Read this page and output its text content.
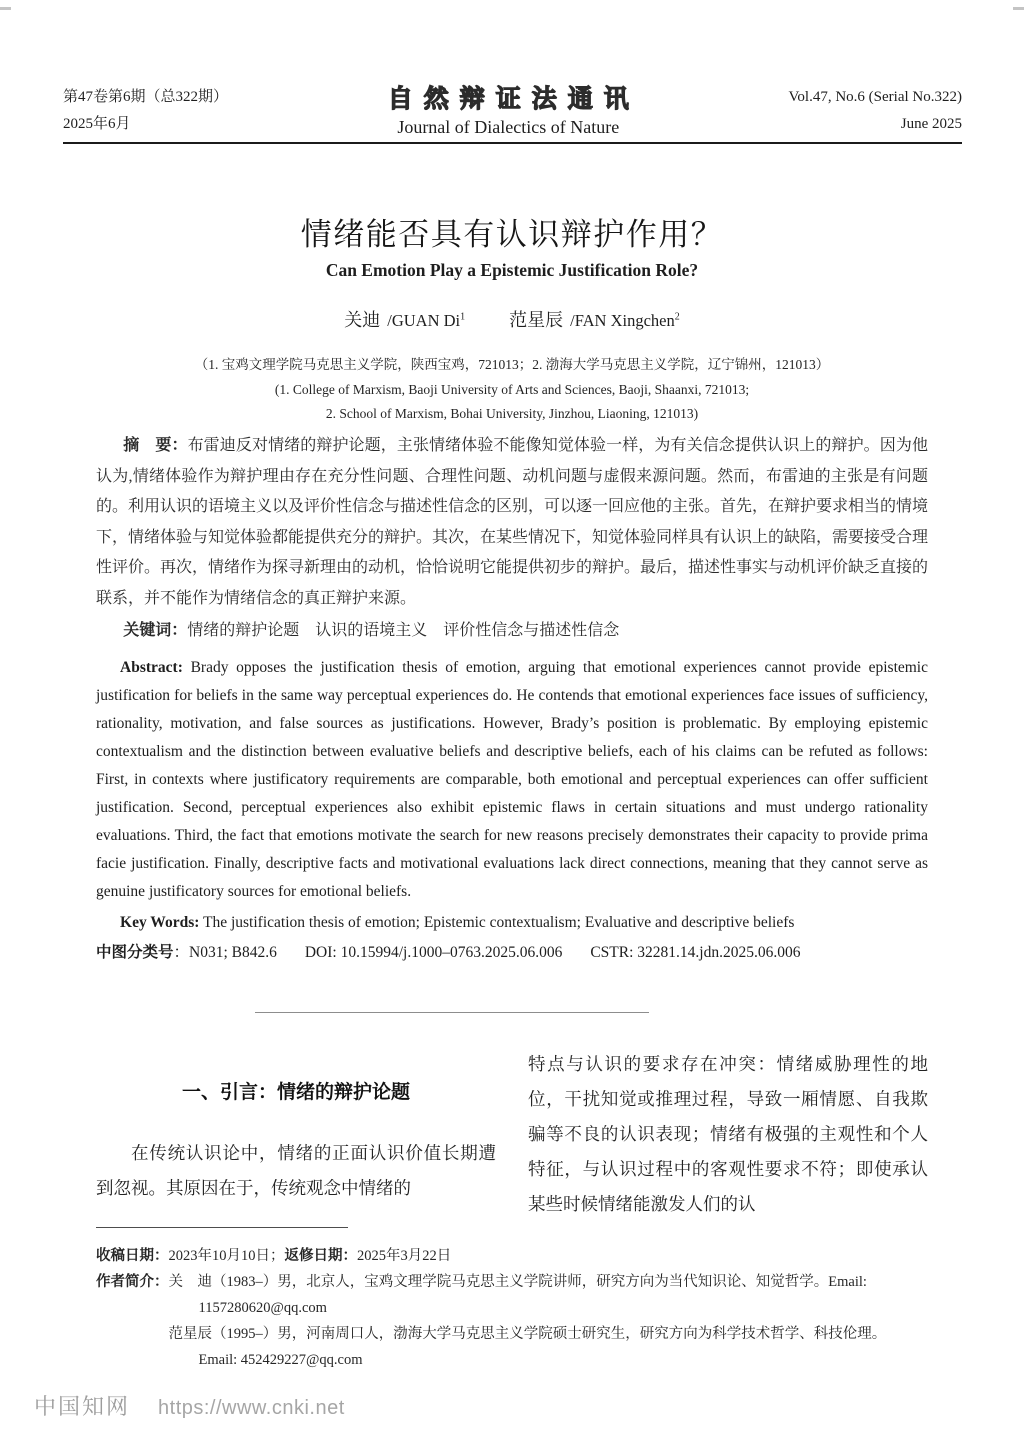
第47卷第6期（总322期）
2025年6月
自然辩证法通讯
Journal of Dialectics of Nature
Vol.47, No.6 (Serial No.322)
June 2025
情绪能否具有认识辩护作用？
Can Emotion Play a Epistemic Justification Role?
关迪 /GUAN Di$^1$ 范星辰 /FAN Xingchen$^2$
（1. 宝鸡文理学院马克思主义学院，陕西宝鸡，721013；2. 渤海大学马克思主义学院，辽宁锦州，121013）
(1. College of Marxism, Baoji University of Arts and Sciences, Baoji, Shaanxi, 721013;
2. School of Marxism, Bohai University, Jinzhou, Liaoning, 121013)

摘　要：布雷迪反对情绪的辩护论题，主张情绪体验不能像知觉体验一样，为有关信念提供认识上的辩护。因为他认为,情绪体验作为辩护理由存在充分性问题、合理性问题、动机问题与虚假来源问题。然而，布雷迪的主张是有问题的。利用认识的语境主义以及评价性信念与描述性信念的区别，可以逐一回应他的主张。首先，在辩护要求相当的情境下，情绪体验与知觉体验都能提供充分的辩护。其次，在某些情况下，知觉体验同样具有认识上的缺陷，需要接受合理性评价。再次，情绪作为探寻新理由的动机，恰恰说明它能提供初步的辩护。最后，描述性事实与动机评价缺乏直接的联系，并不能作为情绪信念的真正辩护来源。

关键词：情绪的辩护论题　认识的语境主义　评价性信念与描述性信念

Abstract: Brady opposes the justification thesis of emotion, arguing that emotional experiences cannot provide epistemic justification for beliefs in the same way perceptual experiences do. He contends that emotional experiences face issues of sufficiency, rationality, motivation, and false sources as justifications. However, Brady’s position is problematic. By employing epistemic contextualism and the distinction between evaluative beliefs and descriptive beliefs, each of his claims can be refuted as follows: First, in contexts where justificatory requirements are comparable, both emotional and perceptual experiences can offer sufficient justification. Second, perceptual experiences also exhibit epistemic flaws in certain situations and must undergo rationality evaluations. Third, the fact that emotions motivate the search for new reasons precisely demonstrates their capacity to provide prima facie justification. Finally, descriptive facts and motivational evaluations lack direct connections, meaning that they cannot serve as genuine justificatory sources for emotional beliefs.

Key Words: The justification thesis of emotion; Epistemic contextualism; Evaluative and descriptive beliefs

中图分类号：N031; B842.6 DOI: 10.15994/j.1000–0763.2025.06.006 CSTR: 32281.14.jdn.2025.06.006

一、引言：情绪的辩护论题

在传统认识论中，情绪的正面认识价值长期遭到忽视。其原因在于，传统观念中情绪的

特点与认识的要求存在冲突：情绪威胁理性的地位，干扰知觉或推理过程，导致一厢情愿、自我欺骗等不良的认识表现；情绪有极强的主观性和个人特征，与认识过程中的客观性要求不符；即使承认某些时候情绪能激发人们的认

收稿日期：2023年10月10日；返修日期：2025年3月22日
作者简介： 关　迪（1983–）男，北京人，宝鸡文理学院马克思主义学院讲师，研究方向为当代知识论、知觉哲学。Email:
1157280620@qq.com
范星辰（1995–）男，河南周口人，渤海大学马克思主义学院硕士研究生，研究方向为科学技术哲学、科技伦理。
Email: 452429227@qq.com
中国知网 https://www.cnki.net
